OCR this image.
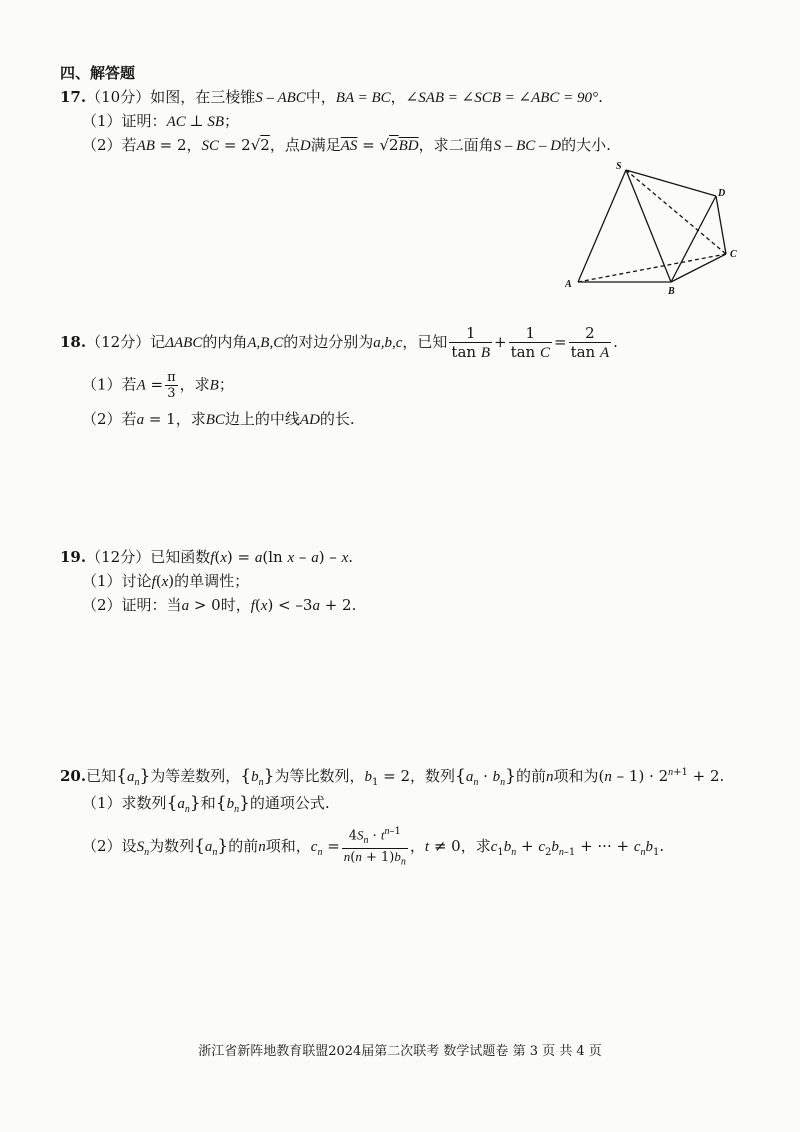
四、解答题
17.（10分）如图，在三棱锥S – ABC中，BA = BC，∠SAB = ∠SCB = ∠ABC = 90°.
（1）证明：AC ⊥ SB；
（2）若AB = 2，SC = 2√2，点D满足$\overline{AS} = √2\overline{BD}$，求二面角S – BC – D的大小.
S
D
C
A
B
18.（12分）记ΔABC的内角A,B,C的对边分别为a,b,c，已知 $\frac{1}{\text{tan B}} + \frac{1}{\text{tan C}} = \frac{2}{\text{tan A}}$ .
（1）若$A = \frac{\pi}{3}$ ，求B；
（2）若a = 1，求BC边上的中线AD的长.
19.（12分）已知函数f(x) = a(ln x – a) – x.
（1）讨论f(x)的单调性；
（2）证明：当a > 0时，f(x) < –3a + 2.
20.已知$\{a_n\}$为等差数列，$\{b_n\}$为等比数列，$b_1 = 2$，数列$\{a_n \cdot b_n\}$的前n项和为$(n - 1) \cdot 2^{n+1} + 2$.
（1）求数列$\{a_n\}$和$\{b_n\}$的通项公式.
（2）设$S_n$为数列$\{a_n\}$的前n项和，$c_n = \frac{4S_n \cdot t^{n-1}}{n(n + 1)b_n}$ ，t ≠ 0，求$c_1b_n + c_2b_{n-1}$ + ··· + $c_nb_1$.
浙江省新阵地教育联盟2024届第二次联考 数学试题卷 第 3 页 共 4 页
